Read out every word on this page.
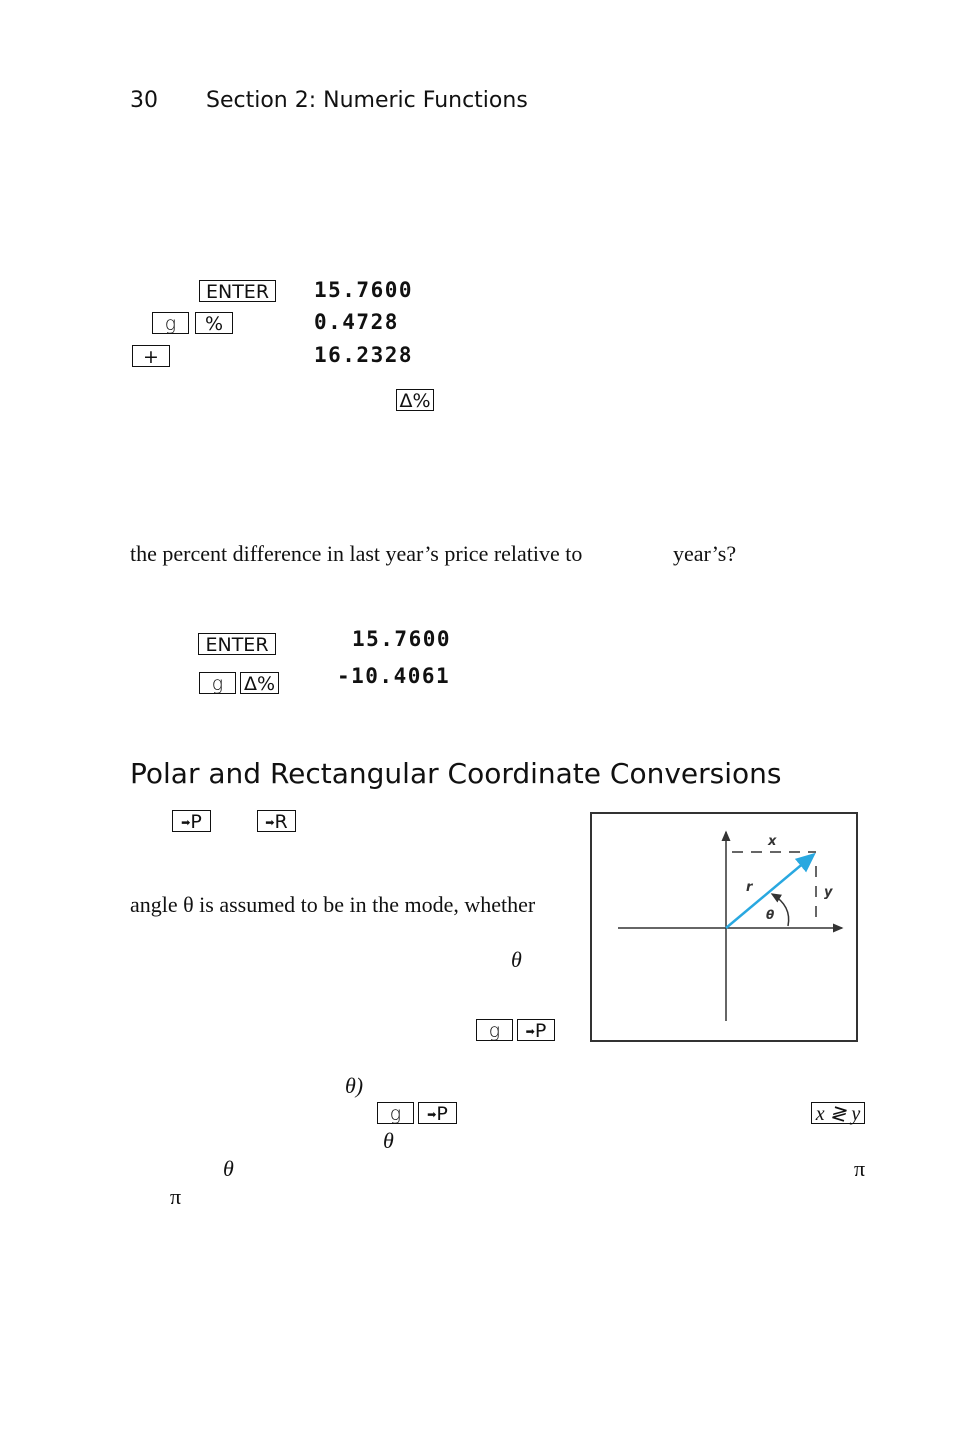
30 Section 2: Numeric Functions
ENTER	15.7600
g	%	0.4728
+	16.2328
Δ%
the percent difference in last year’s price relative to	year’s?
ENTER	15.7600
g	Δ%	-10.4061
Polar and Rectangular Coordinate Conversions
➡P	➡R
angle θ is assumed to be in the mode, whether
θ
g	➡P
x
y
r
θ
θ)
g	➡P	x ≷ y
θ
θ	π
π
